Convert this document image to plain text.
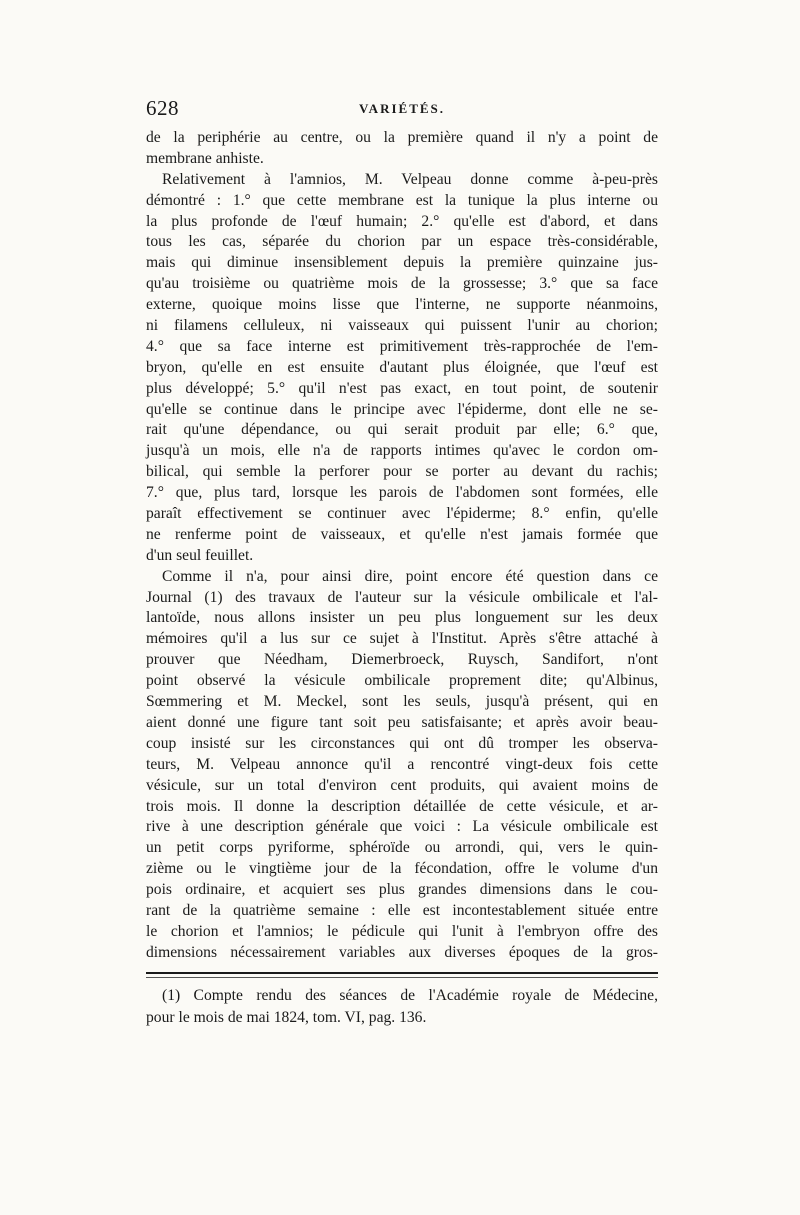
628	VARIÉTÉS.
de la periphérie au centre, ou la première quand il n'y a point de
membrane anhiste.
Relativement à l'amnios, M. Velpeau donne comme à-peu-près
démontré : 1.° que cette membrane est la tunique la plus interne ou
la plus profonde de l'œuf humain; 2.° qu'elle est d'abord, et dans
tous les cas, séparée du chorion par un espace très-considérable,
mais qui diminue insensiblement depuis la première quinzaine jus-
qu'au troisième ou quatrième mois de la grossesse; 3.° que sa face
externe, quoique moins lisse que l'interne, ne supporte néanmoins,
ni filamens celluleux, ni vaisseaux qui puissent l'unir au chorion;
4.° que sa face interne est primitivement très-rapprochée de l'em-
bryon, qu'elle en est ensuite d'autant plus éloignée, que l'œuf est
plus développé; 5.° qu'il n'est pas exact, en tout point, de soutenir
qu'elle se continue dans le principe avec l'épiderme, dont elle ne se-
rait qu'une dépendance, ou qui serait produit par elle; 6.° que,
jusqu'à un mois, elle n'a de rapports intimes qu'avec le cordon om-
bilical, qui semble la perforer pour se porter au devant du rachis;
7.° que, plus tard, lorsque les parois de l'abdomen sont formées, elle
paraît effectivement se continuer avec l'épiderme; 8.° enfin, qu'elle
ne renferme point de vaisseaux, et qu'elle n'est jamais formée que
d'un seul feuillet.
Comme il n'a, pour ainsi dire, point encore été question dans ce
Journal (1) des travaux de l'auteur sur la vésicule ombilicale et l'al-
lantoïde, nous allons insister un peu plus longuement sur les deux
mémoires qu'il a lus sur ce sujet à l'Institut. Après s'être attaché à
prouver que Néedham, Diemerbroeck, Ruysch, Sandifort, n'ont
point observé la vésicule ombilicale proprement dite; qu'Albinus,
Sœmmering et M. Meckel, sont les seuls, jusqu'à présent, qui en
aient donné une figure tant soit peu satisfaisante; et après avoir beau-
coup insisté sur les circonstances qui ont dû tromper les observa-
teurs, M. Velpeau annonce qu'il a rencontré vingt-deux fois cette
vésicule, sur un total d'environ cent produits, qui avaient moins de
trois mois. Il donne la description détaillée de cette vésicule, et ar-
rive à une description générale que voici : La vésicule ombilicale est
un petit corps pyriforme, sphéroïde ou arrondi, qui, vers le quin-
zième ou le vingtième jour de la fécondation, offre le volume d'un
pois ordinaire, et acquiert ses plus grandes dimensions dans le cou-
rant de la quatrième semaine : elle est incontestablement située entre
le chorion et l'amnios; le pédicule qui l'unit à l'embryon offre des
dimensions nécessairement variables aux diverses époques de la gros-
(1) Compte rendu des séances de l'Académie royale de Médecine,
pour le mois de mai 1824, tom. VI, pag. 136.
